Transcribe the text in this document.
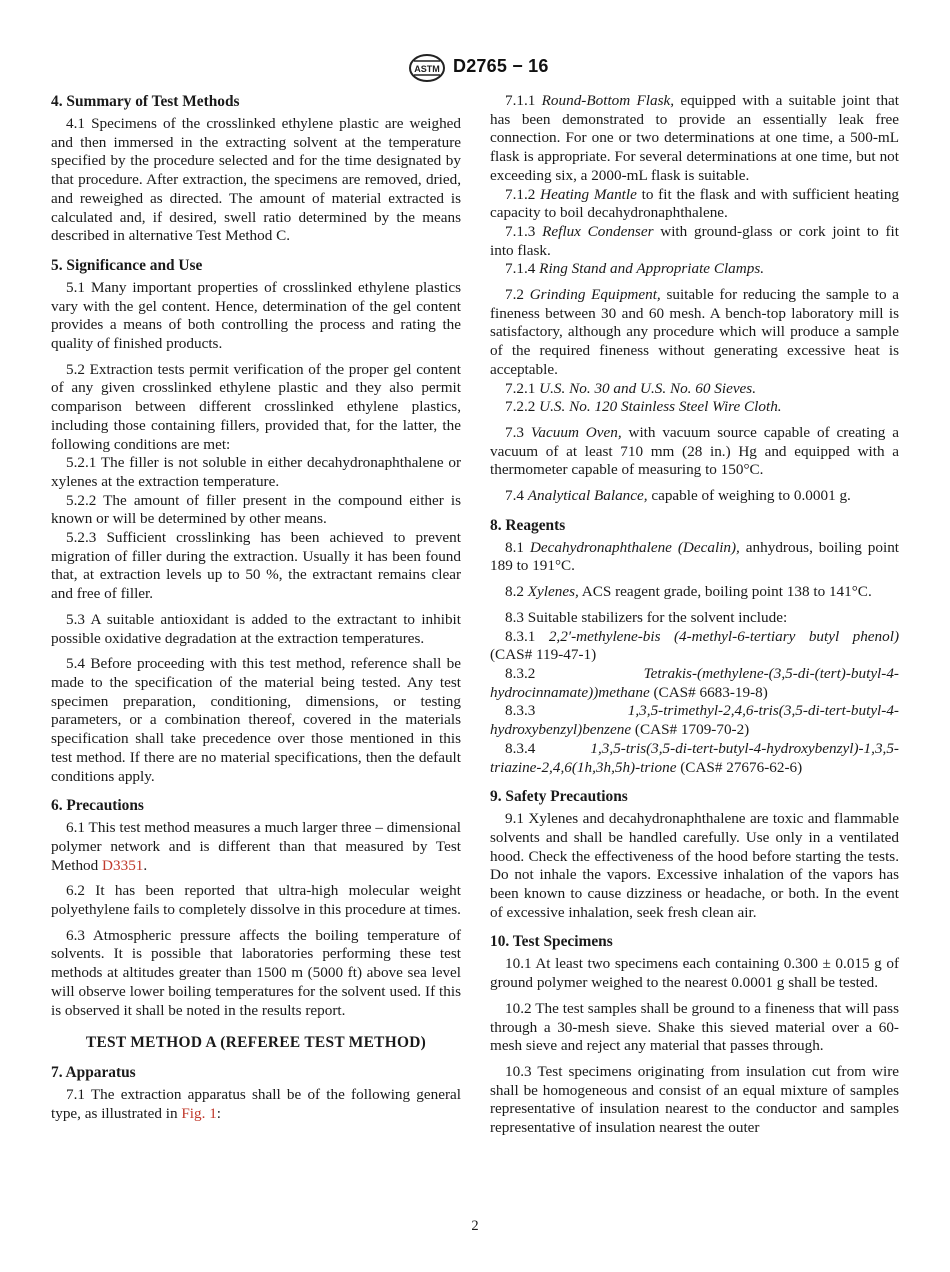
ASTM D2765 − 16
4. Summary of Test Methods

4.1 Specimens of the crosslinked ethylene plastic are weighed and then immersed in the extracting solvent at the temperature specified by the procedure selected and for the time designated by that procedure. After extraction, the specimens are removed, dried, and reweighed as directed. The amount of material extracted is calculated and, if desired, swell ratio determined by the means described in alternative Test Method C.

5. Significance and Use

5.1 Many important properties of crosslinked ethylene plastics vary with the gel content. Hence, determination of the gel content provides a means of both controlling the process and rating the quality of finished products.

5.2 Extraction tests permit verification of the proper gel content of any given crosslinked ethylene plastic and they also permit comparison between different crosslinked ethylene plastics, including those containing fillers, provided that, for the latter, the following conditions are met:

5.2.1 The filler is not soluble in either decahydronaphthalene or xylenes at the extraction temperature.

5.2.2 The amount of filler present in the compound either is known or will be determined by other means.

5.2.3 Sufficient crosslinking has been achieved to prevent migration of filler during the extraction. Usually it has been found that, at extraction levels up to 50 %, the extractant remains clear and free of filler.

5.3 A suitable antioxidant is added to the extractant to inhibit possible oxidative degradation at the extraction temperatures.

5.4 Before proceeding with this test method, reference shall be made to the specification of the material being tested. Any test specimen preparation, conditioning, dimensions, or testing parameters, or a combination thereof, covered in the materials specification shall take precedence over those mentioned in this test method. If there are no material specifications, then the default conditions apply.

6. Precautions

6.1 This test method measures a much larger three – dimensional polymer network and is different than that measured by Test Method D3351.

6.2 It has been reported that ultra-high molecular weight polyethylene fails to completely dissolve in this procedure at times.

6.3 Atmospheric pressure affects the boiling temperature of solvents. It is possible that laboratories performing these test methods at altitudes greater than 1500 m (5000 ft) above sea level will observe lower boiling temperatures for the solvent used. If this is observed it shall be noted in the results report.

TEST METHOD A (REFEREE TEST METHOD)
7. Apparatus

7.1 The extraction apparatus shall be of the following general type, as illustrated in Fig. 1:

7.1.1 Round-Bottom Flask, equipped with a suitable joint that has been demonstrated to provide an essentially leak free connection. For one or two determinations at one time, a 500-mL flask is appropriate. For several determinations at one time, but not exceeding six, a 2000-mL flask is suitable.

7.1.2 Heating Mantle to fit the flask and with sufficient heating capacity to boil decahydronaphthalene.

7.1.3 Reflux Condenser with ground-glass or cork joint to fit into flask.

7.1.4 Ring Stand and Appropriate Clamps.

7.2 Grinding Equipment, suitable for reducing the sample to a fineness between 30 and 60 mesh. A bench-top laboratory mill is satisfactory, although any procedure which will produce a sample of the required fineness without generating excessive heat is acceptable.

7.2.1 U.S. No. 30 and U.S. No. 60 Sieves.

7.2.2 U.S. No. 120 Stainless Steel Wire Cloth.

7.3 Vacuum Oven, with vacuum source capable of creating a vacuum of at least 710 mm (28 in.) Hg and equipped with a thermometer capable of measuring to 150°C.

7.4 Analytical Balance, capable of weighing to 0.0001 g.

8. Reagents

8.1 Decahydronaphthalene (Decalin), anhydrous, boiling point 189 to 191°C.

8.2 Xylenes, ACS reagent grade, boiling point 138 to 141°C.

8.3 Suitable stabilizers for the solvent include:

8.3.1 2,2′-methylene-bis (4-methyl-6-tertiary butyl phenol) (CAS# 119-47-1)

8.3.2 Tetrakis-(methylene-(3,5-di-(tert)-butyl-4-hydrocinnamate))methane (CAS# 6683-19-8)

8.3.3 1,3,5-trimethyl-2,4,6-tris(3,5-di-tert-butyl-4-hydroxybenzyl)benzene (CAS# 1709-70-2)

8.3.4 1,3,5-tris(3,5-di-tert-butyl-4-hydroxybenzyl)-1,3,5-triazine-2,4,6(1h,3h,5h)-trione (CAS# 27676-62-6)

9. Safety Precautions

9.1 Xylenes and decahydronaphthalene are toxic and flammable solvents and shall be handled carefully. Use only in a ventilated hood. Check the effectiveness of the hood before starting the tests. Do not inhale the vapors. Excessive inhalation of the vapors has been known to cause dizziness or headache, or both. In the event of excessive inhalation, seek fresh clean air.

10. Test Specimens

10.1 At least two specimens each containing 0.300 ± 0.015 g of ground polymer weighed to the nearest 0.0001 g shall be tested.

10.2 The test samples shall be ground to a fineness that will pass through a 30-mesh sieve. Shake this sieved material over a 60-mesh sieve and reject any material that passes through.

10.3 Test specimens originating from insulation cut from wire shall be homogeneous and consist of an equal mixture of samples representative of insulation nearest to the conductor and samples representative of insulation nearest the outer

2
